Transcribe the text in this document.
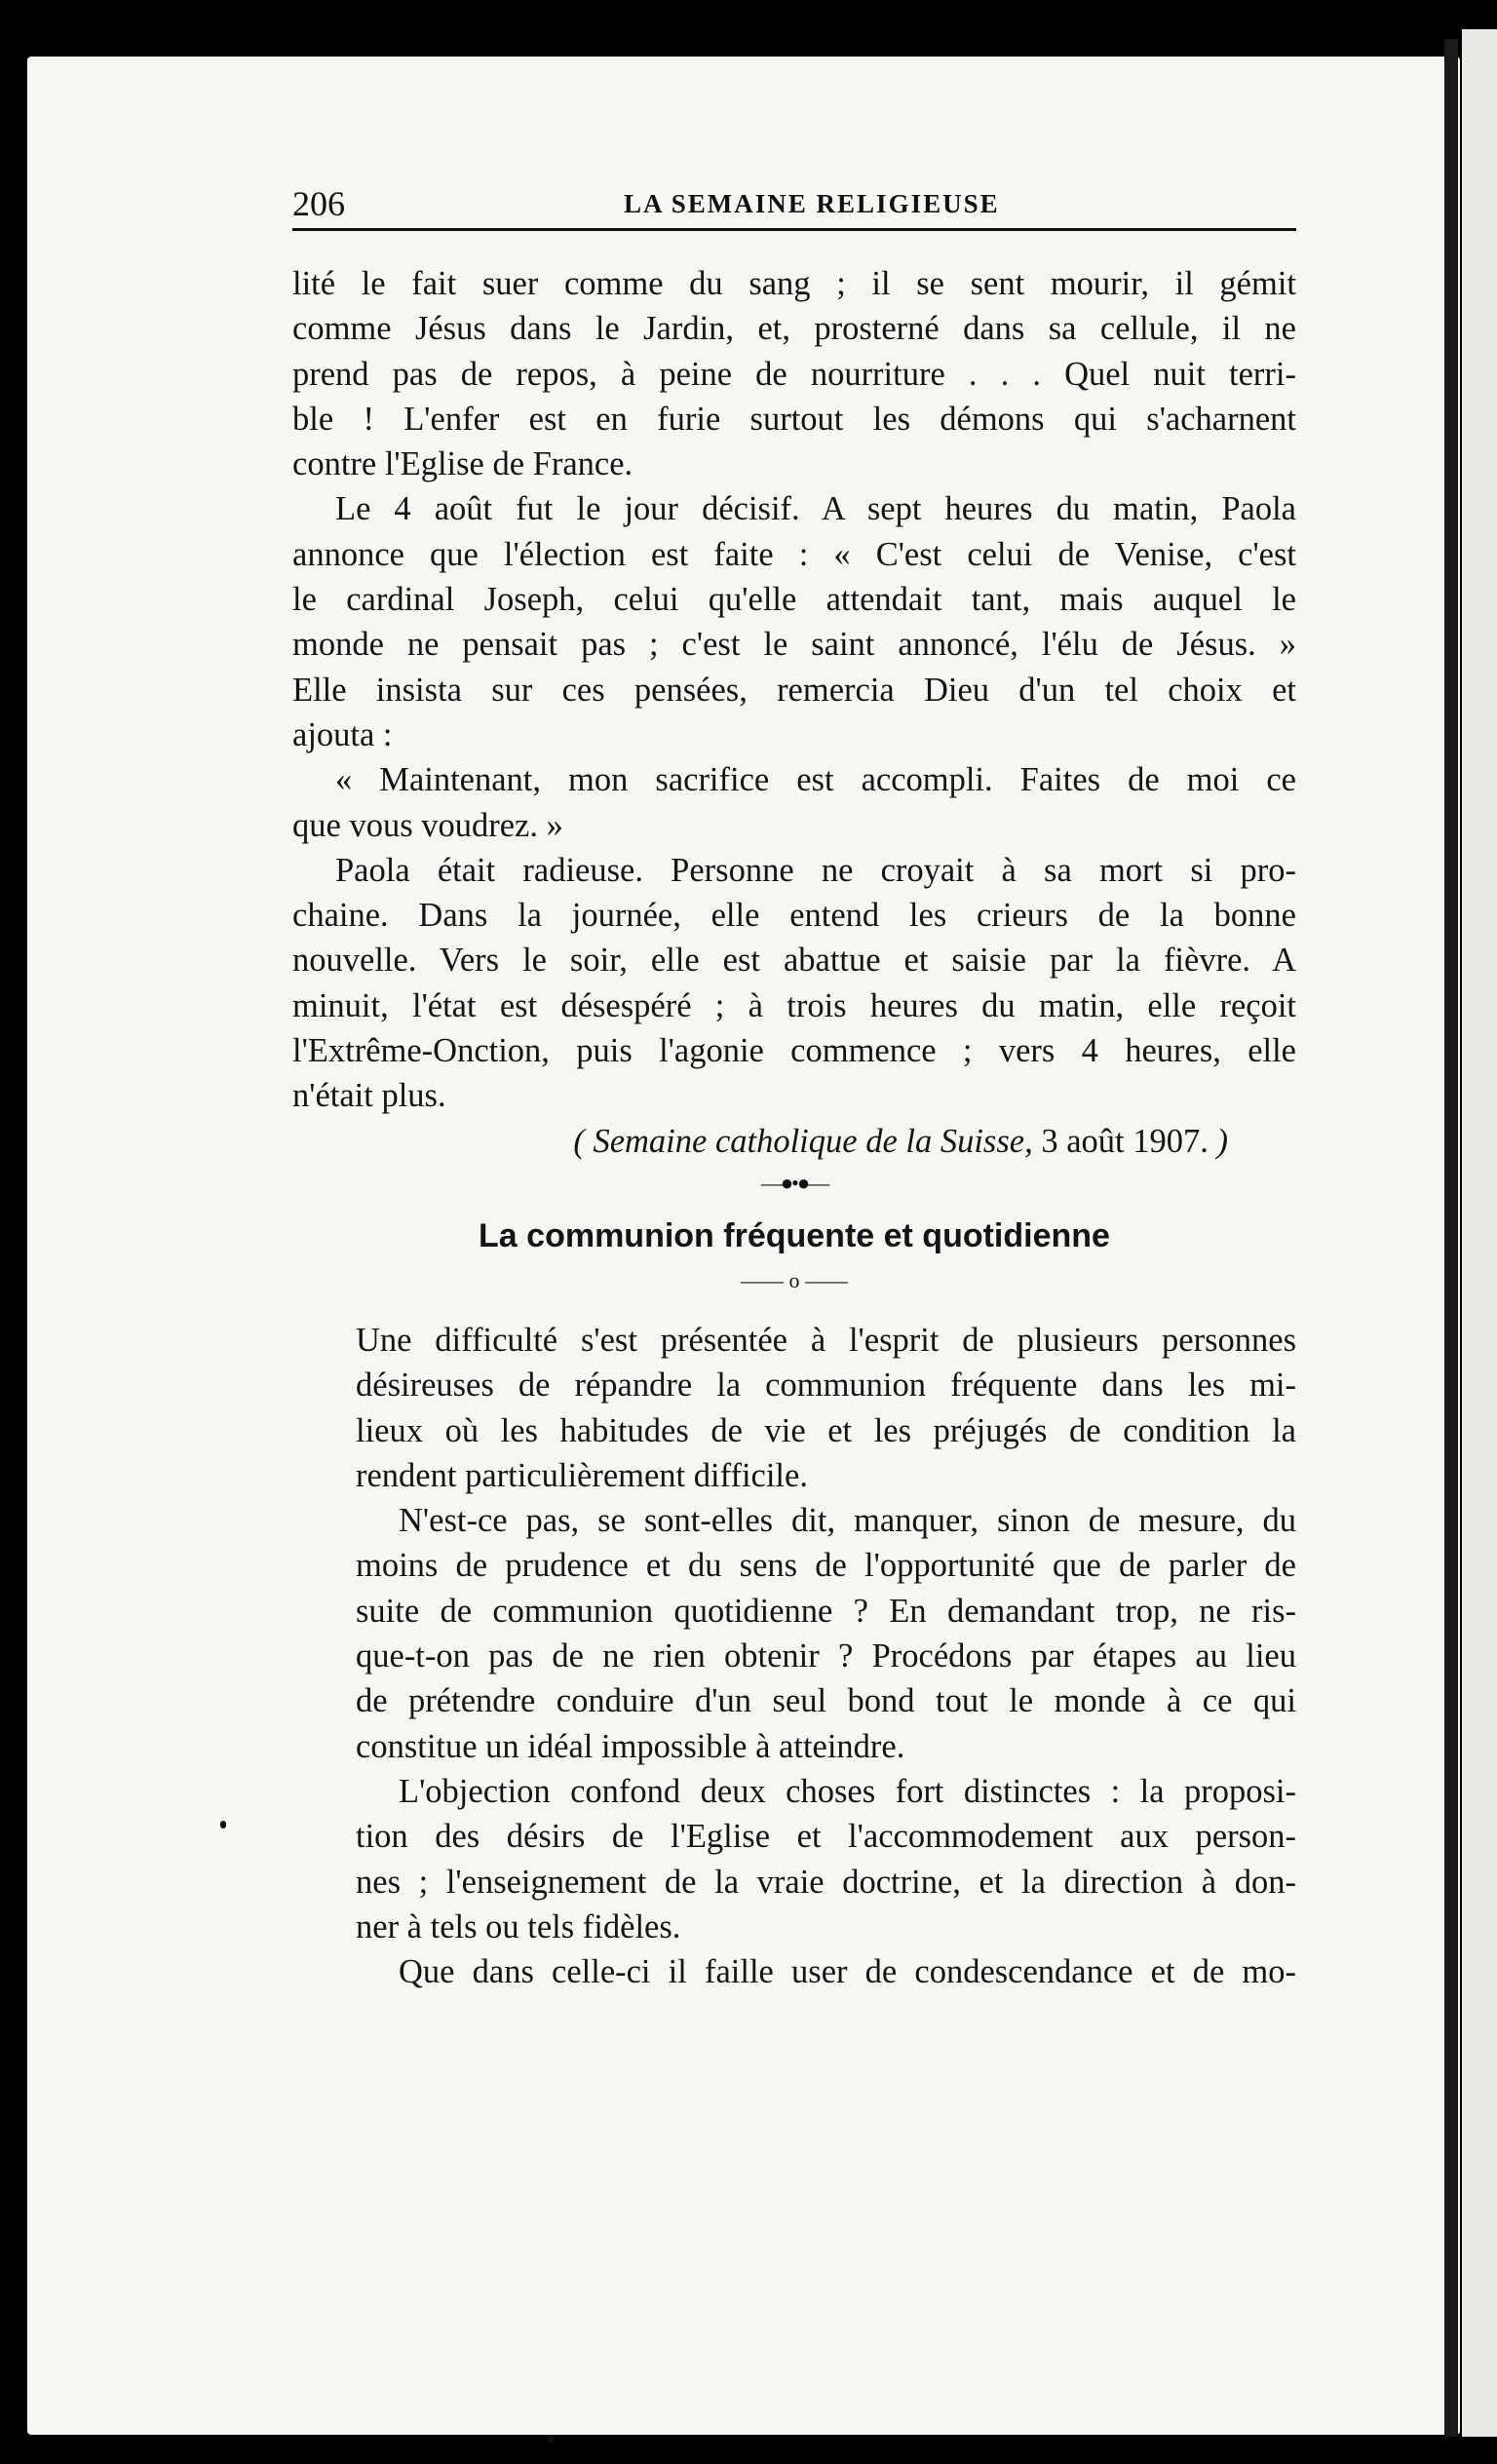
206	LA SEMAINE RELIGIEUSE
lité le fait suer comme du sang ; il se sent mourir, il gémit
comme Jésus dans le Jardin, et, prosterné dans sa cellule, il ne
prend pas de repos, à peine de nourriture . . . Quel nuit terri-
ble ! L'enfer est en furie surtout les démons qui s'acharnent
contre l'Eglise de France.
Le 4 août fut le jour décisif. A sept heures du matin, Paola
annonce que l'élection est faite : « C'est celui de Venise, c'est
le cardinal Joseph, celui qu'elle attendait tant, mais auquel le
monde ne pensait pas ; c'est le saint annoncé, l'élu de Jésus. »
Elle insista sur ces pensées, remercia Dieu d'un tel choix et
ajouta :
« Maintenant, mon sacrifice est accompli. Faites de moi ce
que vous voudrez. »
Paola était radieuse. Personne ne croyait à sa mort si pro-
chaine. Dans la journée, elle entend les crieurs de la bonne
nouvelle. Vers le soir, elle est abattue et saisie par la fièvre. A
minuit, l'état est désespéré ; à trois heures du matin, elle reçoit
l'Extrême-Onction, puis l'agonie commence ; vers 4 heures, elle
n'était plus.
( Semaine catholique de la Suisse, 3 août 1907. )
—●•●—
La communion fréquente et quotidienne
—— o ——
Une difficulté s'est présentée à l'esprit de plusieurs personnes
désireuses de répandre la communion fréquente dans les mi-
lieux où les habitudes de vie et les préjugés de condition la
rendent particulièrement difficile.
N'est-ce pas, se sont-elles dit, manquer, sinon de mesure, du
moins de prudence et du sens de l'opportunité que de parler de
suite de communion quotidienne ? En demandant trop, ne ris-
que-t-on pas de ne rien obtenir ? Procédons par étapes au lieu
de prétendre conduire d'un seul bond tout le monde à ce qui
constitue un idéal impossible à atteindre.
L'objection confond deux choses fort distinctes : la proposi-
tion des désirs de l'Eglise et l'accommodement aux person-
nes ; l'enseignement de la vraie doctrine, et la direction à don-
ner à tels ou tels fidèles.
Que dans celle-ci il faille user de condescendance et de mo-
